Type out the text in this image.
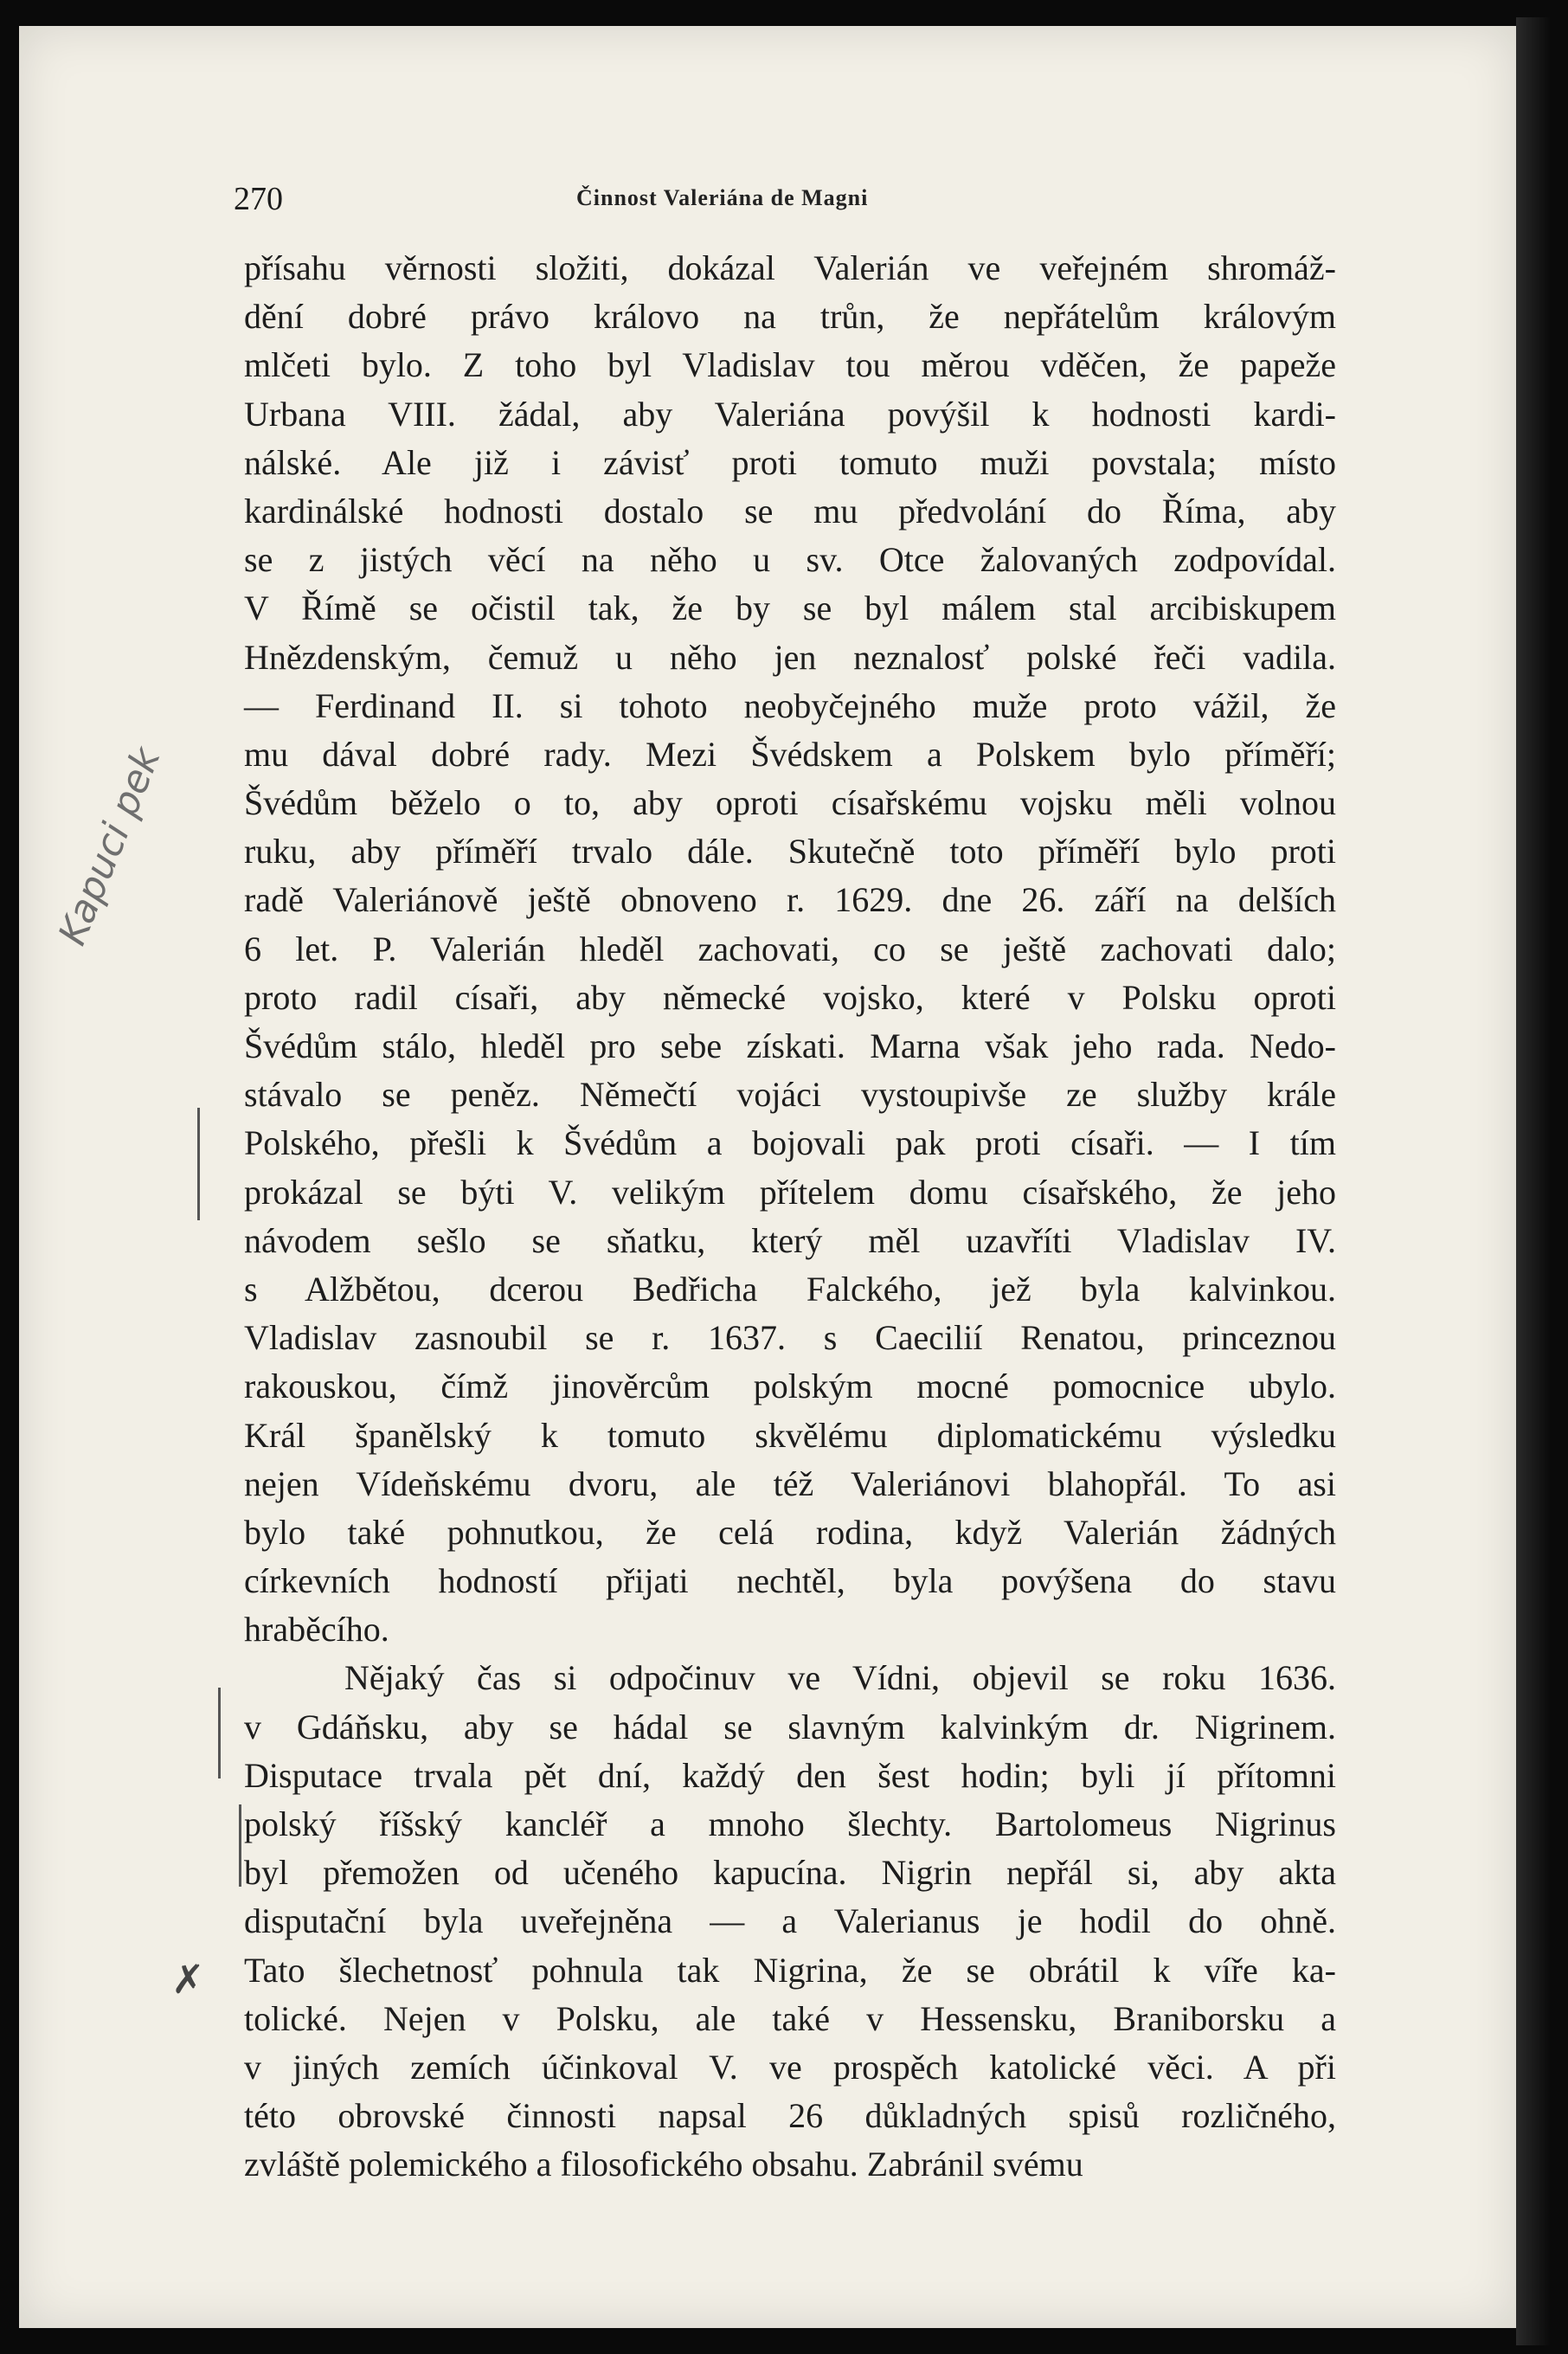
270	Činnost Valeriána de Magni
přísahu věrnosti složiti, dokázal Valerián ve veřejném shromáž-
dění dobré právo královo na trůn, že nepřátelům královým
mlčeti bylo. Z toho byl Vladislav tou měrou vděčen, že papeže
Urbana VIII. žádal, aby Valeriána povýšil k hodnosti kardi-
nálské. Ale již i závisť proti tomuto muži povstala; místo
kardinálské hodnosti dostalo se mu předvolání do Říma, aby
se z jistých věcí na něho u sv. Otce žalovaných zodpovídal.
V Římě se očistil tak, že by se byl málem stal arcibiskupem
Hnězdenským, čemuž u něho jen neznalosť polské řeči vadila.
— Ferdinand II. si tohoto neobyčejného muže proto vážil, že
mu dával dobré rady. Mezi Švédskem a Polskem bylo příměří;
Švédům běželo o to, aby oproti císařskému vojsku měli volnou
ruku, aby příměří trvalo dále. Skutečně toto příměří bylo proti
radě Valeriánově ještě obnoveno r. 1629. dne 26. září na delších
6 let. P. Valerián hleděl zachovati, co se ještě zachovati dalo;
proto radil císaři, aby německé vojsko, které v Polsku oproti
Švédům stálo, hleděl pro sebe získati. Marna však jeho rada. Nedo-
stávalo se peněz. Němečtí vojáci vystoupivše ze služby krále
Polského, přešli k Švédům a bojovali pak proti císaři. — I tím
prokázal se býti V. velikým přítelem domu císařského, že jeho
návodem sešlo se sňatku, který měl uzavříti Vladislav IV.
s Alžbětou, dcerou Bedřicha Falckého, jež byla kalvinkou.
Vladislav zasnoubil se r. 1637. s Caecilií Renatou, princeznou
rakouskou, čímž jinověrcům polským mocné pomocnice ubylo.
Král španělský k tomuto skvělému diplomatickému výsledku
nejen Vídeňskému dvoru, ale též Valeriánovi blahopřál. To asi
bylo také pohnutkou, že celá rodina, když Valerián žádných
církevních hodností přijati nechtěl, byla povýšena do stavu
hraběcího.
Nějaký čas si odpočinuv ve Vídni, objevil se roku 1636.
v Gdáňsku, aby se hádal se slavným kalvinkým dr. Nigrinem.
Disputace trvala pět dní, každý den šest hodin; byli jí přítomni
polský říšský kancléř a mnoho šlechty. Bartolomeus Nigrinus
byl přemožen od učeného kapucína. Nigrin nepřál si, aby akta
disputační byla uveřejněna — a Valerianus je hodil do ohně.
Tato šlechetnosť pohnula tak Nigrina, že se obrátil k víře ka-
tolické. Nejen v Polsku, ale také v Hessensku, Braniborsku a
v jiných zemích účinkoval V. ve prospěch katolické věci. A při
této obrovské činnosti napsal 26 důkladných spisů rozličného,
zvláště polemického a filosofického obsahu. Zabránil svému
Kapuci pek
✗
